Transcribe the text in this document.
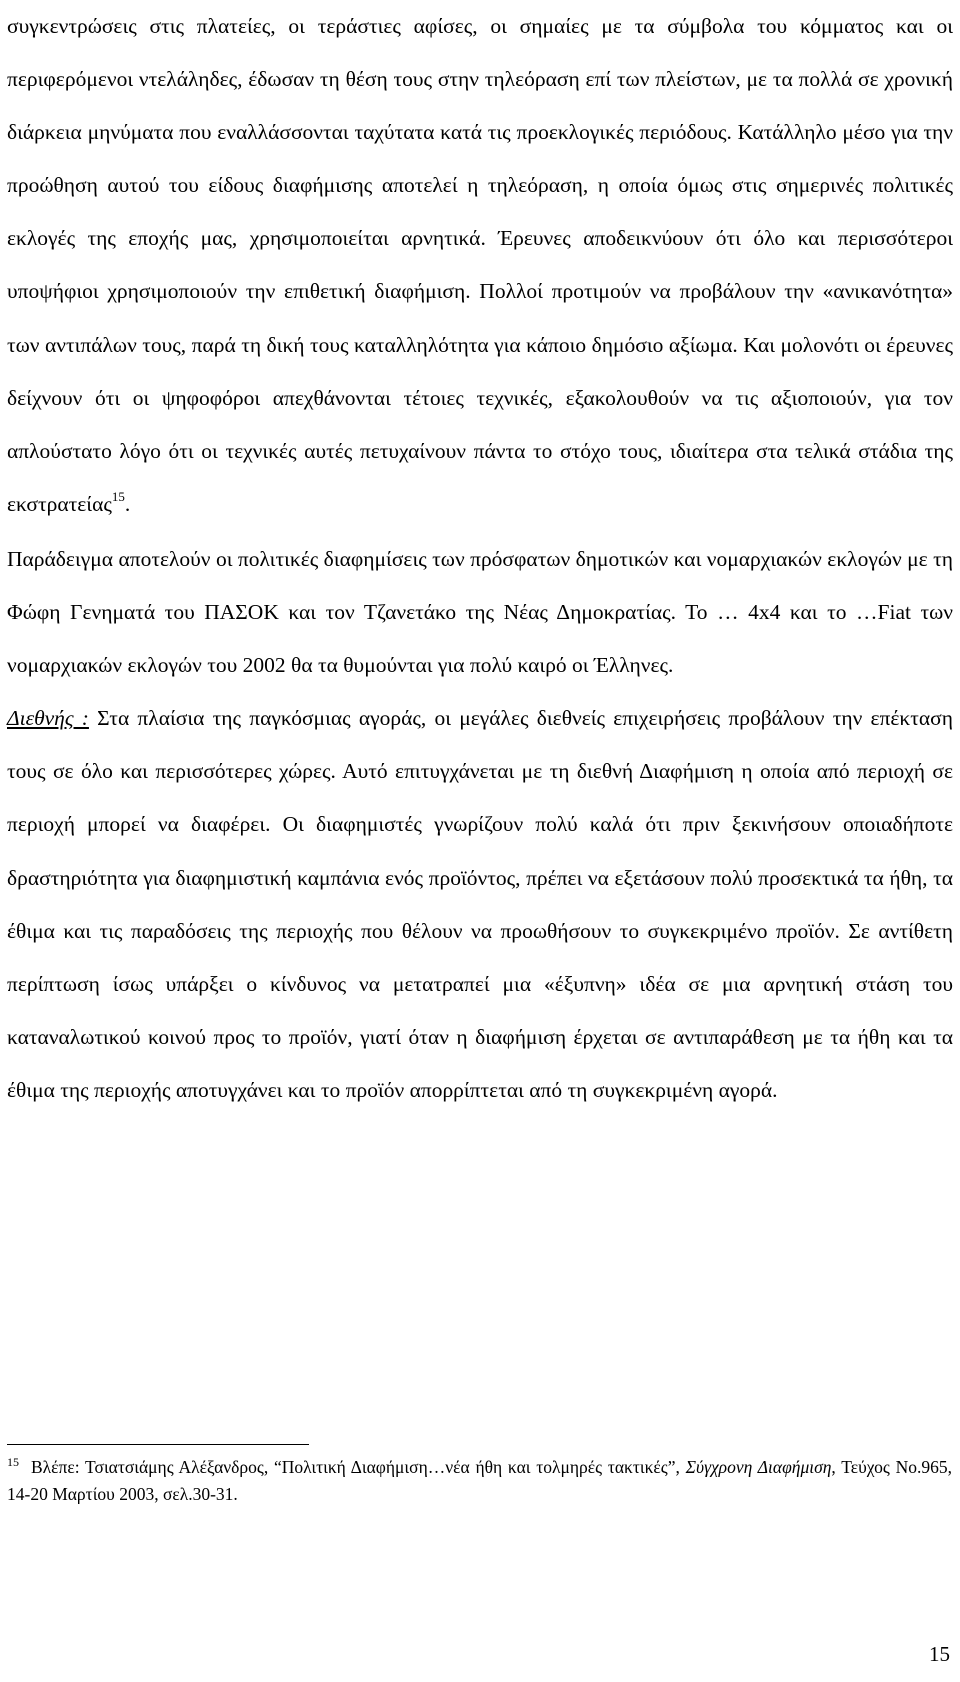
συγκεντρώσεις στις πλατείες, οι τεράστιες αφίσες, οι σημαίες με τα σύμβολα του κόμματος και οι περιφερόμενοι ντελάληδες, έδωσαν τη θέση τους στην τηλεόραση επί των πλείστων, με τα πολλά σε χρονική διάρκεια μηνύματα που εναλλάσσονται ταχύτατα κατά τις προεκλογικές περιόδους. Κατάλληλο μέσο για την προώθηση αυτού του είδους διαφήμισης αποτελεί η τηλεόραση, η οποία όμως στις σημερινές πολιτικές εκλογές της εποχής μας, χρησιμοποιείται αρνητικά. Έρευνες αποδεικνύουν ότι όλο και περισσότεροι υποψήφιοι χρησιμοποιούν την επιθετική διαφήμιση. Πολλοί προτιμούν να προβάλουν την «ανικανότητα» των αντιπάλων τους, παρά τη δική τους καταλληλότητα για κάποιο δημόσιο αξίωμα. Και μολονότι οι έρευνες δείχνουν ότι οι ψηφοφόροι απεχθάνονται τέτοιες τεχνικές, εξακολουθούν να τις αξιοποιούν, για τον απλούστατο λόγο ότι οι τεχνικές αυτές πετυχαίνουν πάντα το στόχο τους, ιδιαίτερα στα τελικά στάδια της εκστρατείας$^{15}$.

Παράδειγμα αποτελούν οι πολιτικές διαφημίσεις των πρόσφατων δημοτικών και νομαρχιακών εκλογών με τη Φώφη Γενηματά του ΠΑΣΟΚ και τον Τζανετάκο της Νέας Δημοκρατίας. Το … 4x4 και το …Fiat των νομαρχιακών εκλογών του 2002 θα τα θυμούνται για πολύ καιρό οι Έλληνες.

Διεθνής : Στα πλαίσια της παγκόσμιας αγοράς, οι μεγάλες διεθνείς επιχειρήσεις προβάλουν την επέκταση τους σε όλο και περισσότερες χώρες. Αυτό επιτυγχάνεται με τη διεθνή Διαφήμιση η οποία από περιοχή σε περιοχή μπορεί να διαφέρει. Οι διαφημιστές γνωρίζουν πολύ καλά ότι πριν ξεκινήσουν οποιαδήποτε δραστηριότητα για διαφημιστική καμπάνια ενός προϊόντος, πρέπει να εξετάσουν πολύ προσεκτικά τα ήθη, τα έθιμα και τις παραδόσεις της περιοχής που θέλουν να προωθήσουν το συγκεκριμένο προϊόν. Σε αντίθετη περίπτωση ίσως υπάρξει ο κίνδυνος να μετατραπεί μια «έξυπνη» ιδέα σε μια αρνητική στάση του καταναλωτικού κοινού προς το προϊόν, γιατί όταν η διαφήμιση έρχεται σε αντιπαράθεση με τα ήθη και τα έθιμα της περιοχής αποτυγχάνει και το προϊόν απορρίπτεται από τη συγκεκριμένη αγορά.

$^{15}$ Βλέπε: Τσιατσιάμης Αλέξανδρος, “Πολιτική Διαφήμιση…νέα ήθη και τολμηρές τακτικές”, Σύγχρονη Διαφήμιση, Τεύχος No.965, 14-20 Μαρτίου 2003, σελ.30-31.

15
